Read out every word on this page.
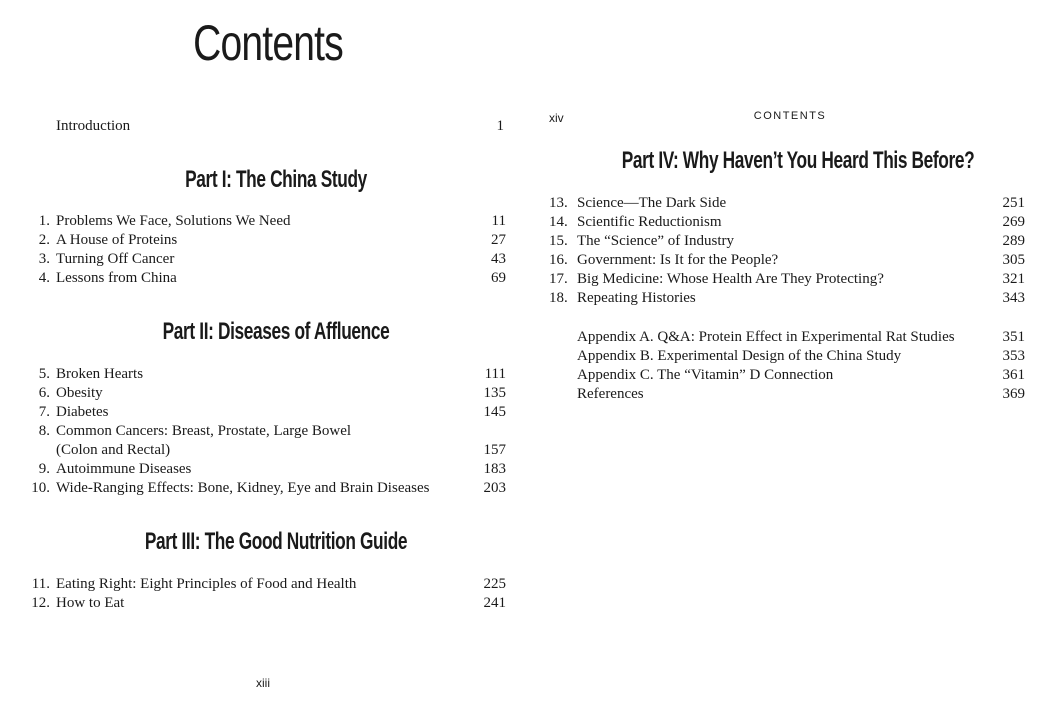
Contents
Introduction	1
Part I: The China Study
1. Problems We Face, Solutions We Need	11
2. A House of Proteins	27
3. Turning Off Cancer	43
4. Lessons from China	69
Part II: Diseases of Affluence
5. Broken Hearts	111
6. Obesity	135
7. Diabetes	145
8. Common Cancers: Breast, Prostate, Large Bowel
(Colon and Rectal)	157
9. Autoimmune Diseases	183
10. Wide-Ranging Effects: Bone, Kidney, Eye and Brain Diseases	203
Part III: The Good Nutrition Guide
11. Eating Right: Eight Principles of Food and Health	225
12. How to Eat	241
xiii
xiv	CONTENTS
Part IV: Why Haven’t You Heard This Before?
13. Science—The Dark Side	251
14. Scientific Reductionism	269
15. The “Science” of Industry	289
16. Government: Is It for the People?	305
17. Big Medicine: Whose Health Are They Protecting?	321
18. Repeating Histories	343
Appendix A. Q&A: Protein Effect in Experimental Rat Studies	351
Appendix B. Experimental Design of the China Study	353
Appendix C. The “Vitamin” D Connection	361
References	369
